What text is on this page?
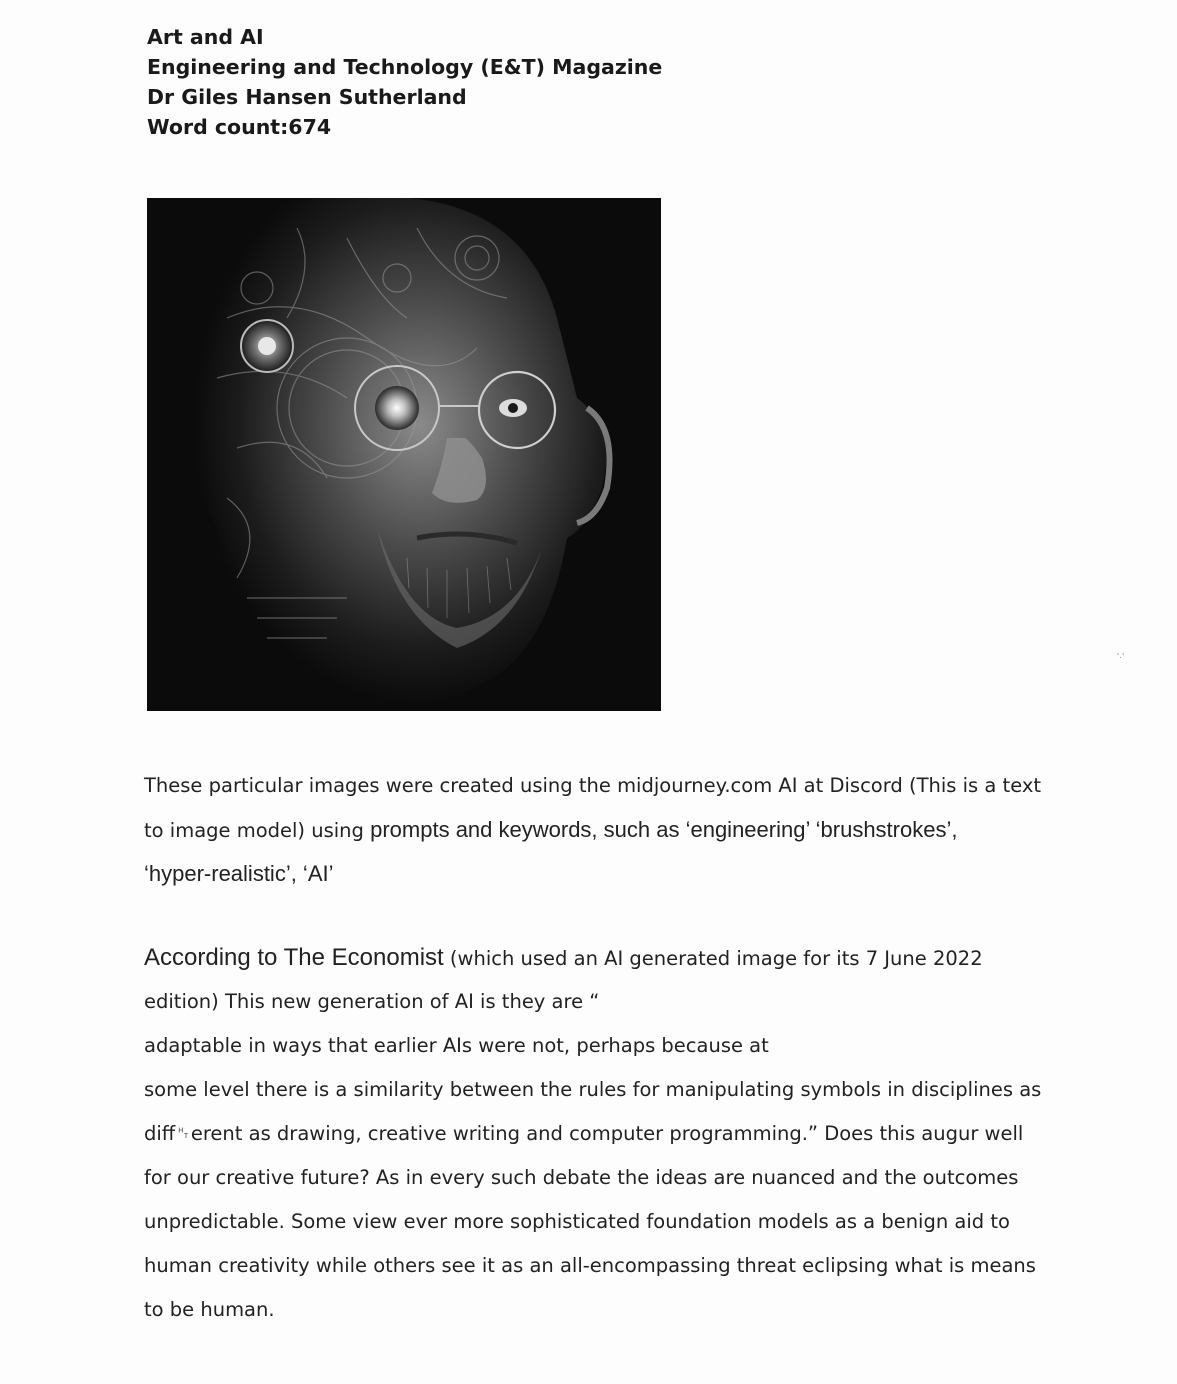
Art and AI
Engineering and Technology (E&T) Magazine
Dr Giles Hansen Sutherland
Word count:674
'·'
These particular images were created using the midjourney.com AI at Discord (This is a text
to image model) using prompts and keywords, such as ‘engineering’ ‘brushstrokes’,
‘hyper-realistic’, ‘AI’
According to The Economist (which used an AI generated image for its 7 June 2022
edition) This new generation of AI is they are “
adaptable in ways that earlier AIs were not, perhaps because at
some level there is a similarity between the rules for manipulating symbols in disciplines as
diff␉erent as drawing, creative writing and computer programming.” Does this augur well
for our creative future? As in every such debate the ideas are nuanced and the outcomes
unpredictable. Some view ever more sophisticated foundation models as a benign aid to
human creativity while others see it as an all-encompassing threat eclipsing what is means
to be human.
